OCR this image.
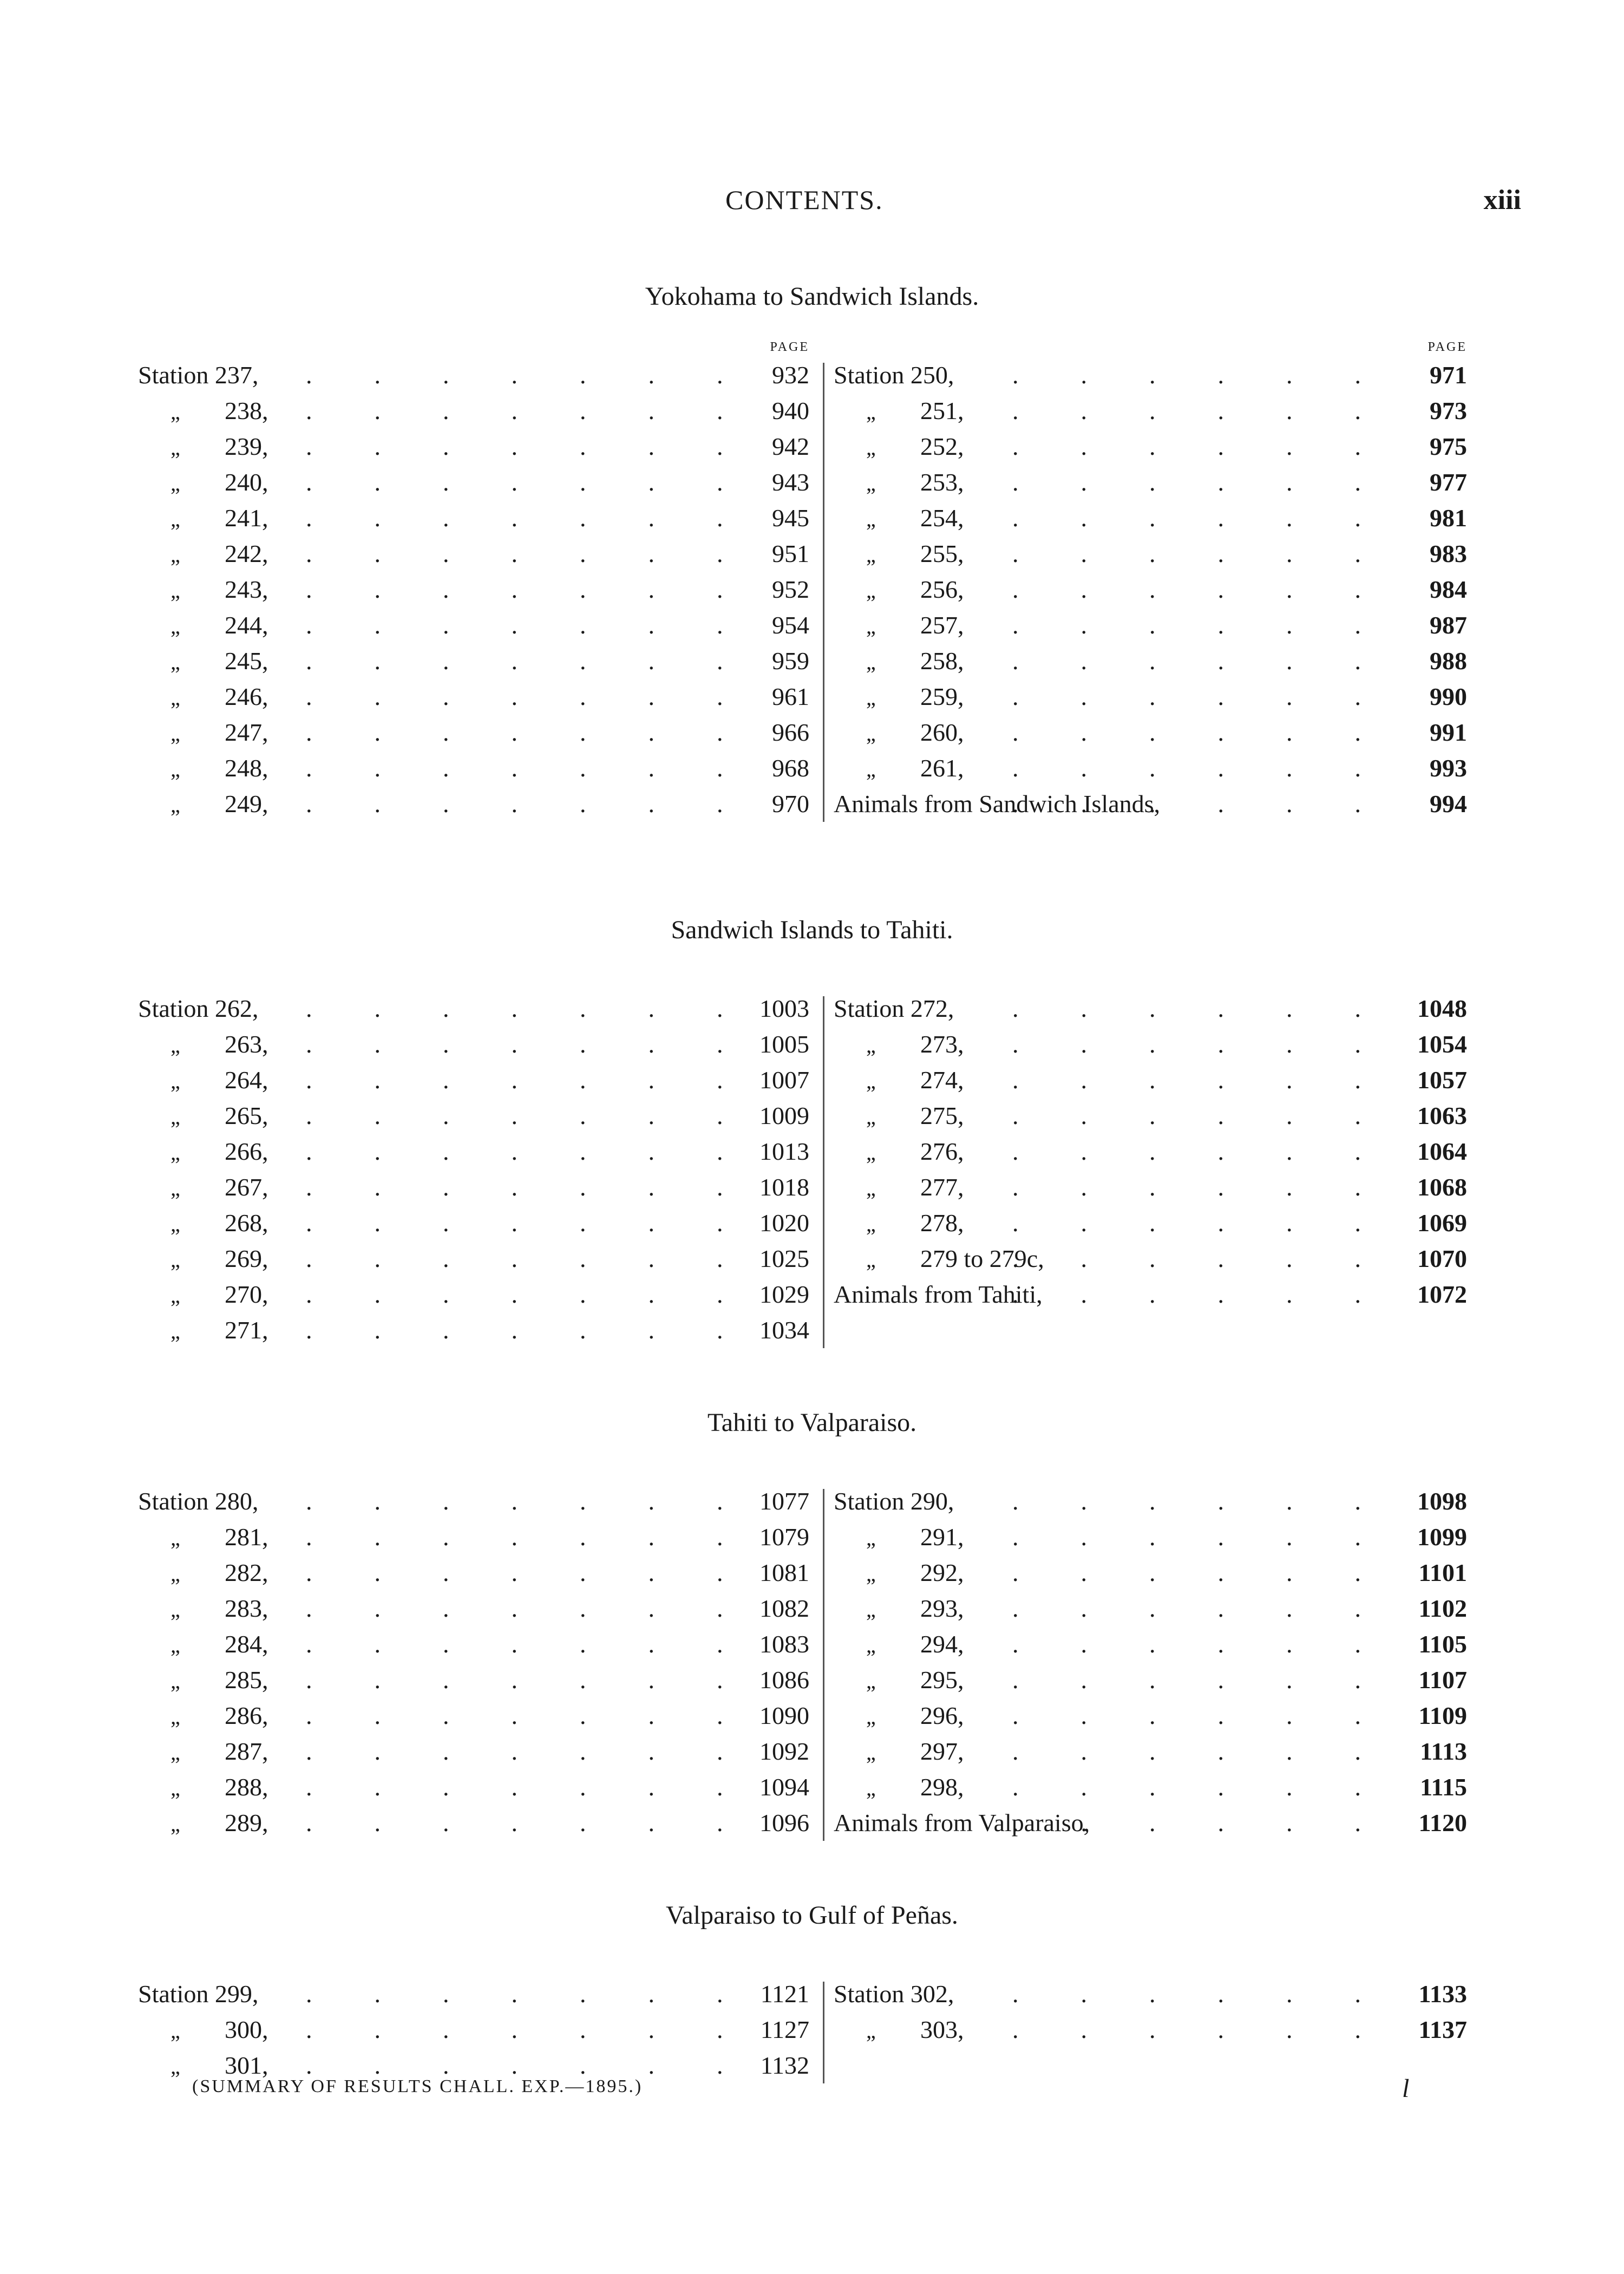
CONTENTS.	xiii
Yokohama to Sandwich Islands.
PAGE
Station 237, .	932
„ 238, .	940
„ 239, .	942
„ 240, .	943
„ 241, .	945
„ 242, .	951
„ 243, .	952
„ 244, .	954
„ 245, .	959
„ 246, .	961
„ 247, .	966
„ 248, .	968
„ 249, .	970
PAGE
Station 250, .	971
„ 251, .	973
„ 252, .	975
„ 253, .	977
„ 254, .	981
„ 255, .	983
„ 256, .	984
„ 257, .	987
„ 258, .	988
„ 259, .	990
„ 260, .	991
„ 261, .	993
Animals from Sandwich Islands, .	994
Sandwich Islands to Tahiti.
Station 262, .	1003
„ 263, .	1005
„ 264, .	1007
„ 265, .	1009
„ 266, .	1013
„ 267, .	1018
„ 268, .	1020
„ 269, .	1025
„ 270, .	1029
„ 271, .	1034
Station 272, .	1048
„ 273, .	1054
„ 274, .	1057
„ 275, .	1063
„ 276, .	1064
„ 277, .	1068
„ 278, .	1069
„ 279 to 279c, .	1070
Animals from Tahiti, .	1072
Tahiti to Valparaiso.
Station 280, .	1077
„ 281, .	1079
„ 282, .	1081
„ 283, .	1082
„ 284, .	1083
„ 285, .	1086
„ 286, .	1090
„ 287, .	1092
„ 288, .	1094
„ 289, .	1096
Station 290, .	1098
„ 291, .	1099
„ 292, .	1101
„ 293, .	1102
„ 294, .	1105
„ 295, .	1107
„ 296, .	1109
„ 297, .	1113
„ 298, .	1115
Animals from Valparaiso, .	1120
Valparaiso to Gulf of Peñas.
Station 299, .	1121
„ 300, .	1127
„ 301, .	1132
Station 302, .	1133
„ 303, .	1137
(SUMMARY OF RESULTS CHALL. EXP.—1895.)	l
